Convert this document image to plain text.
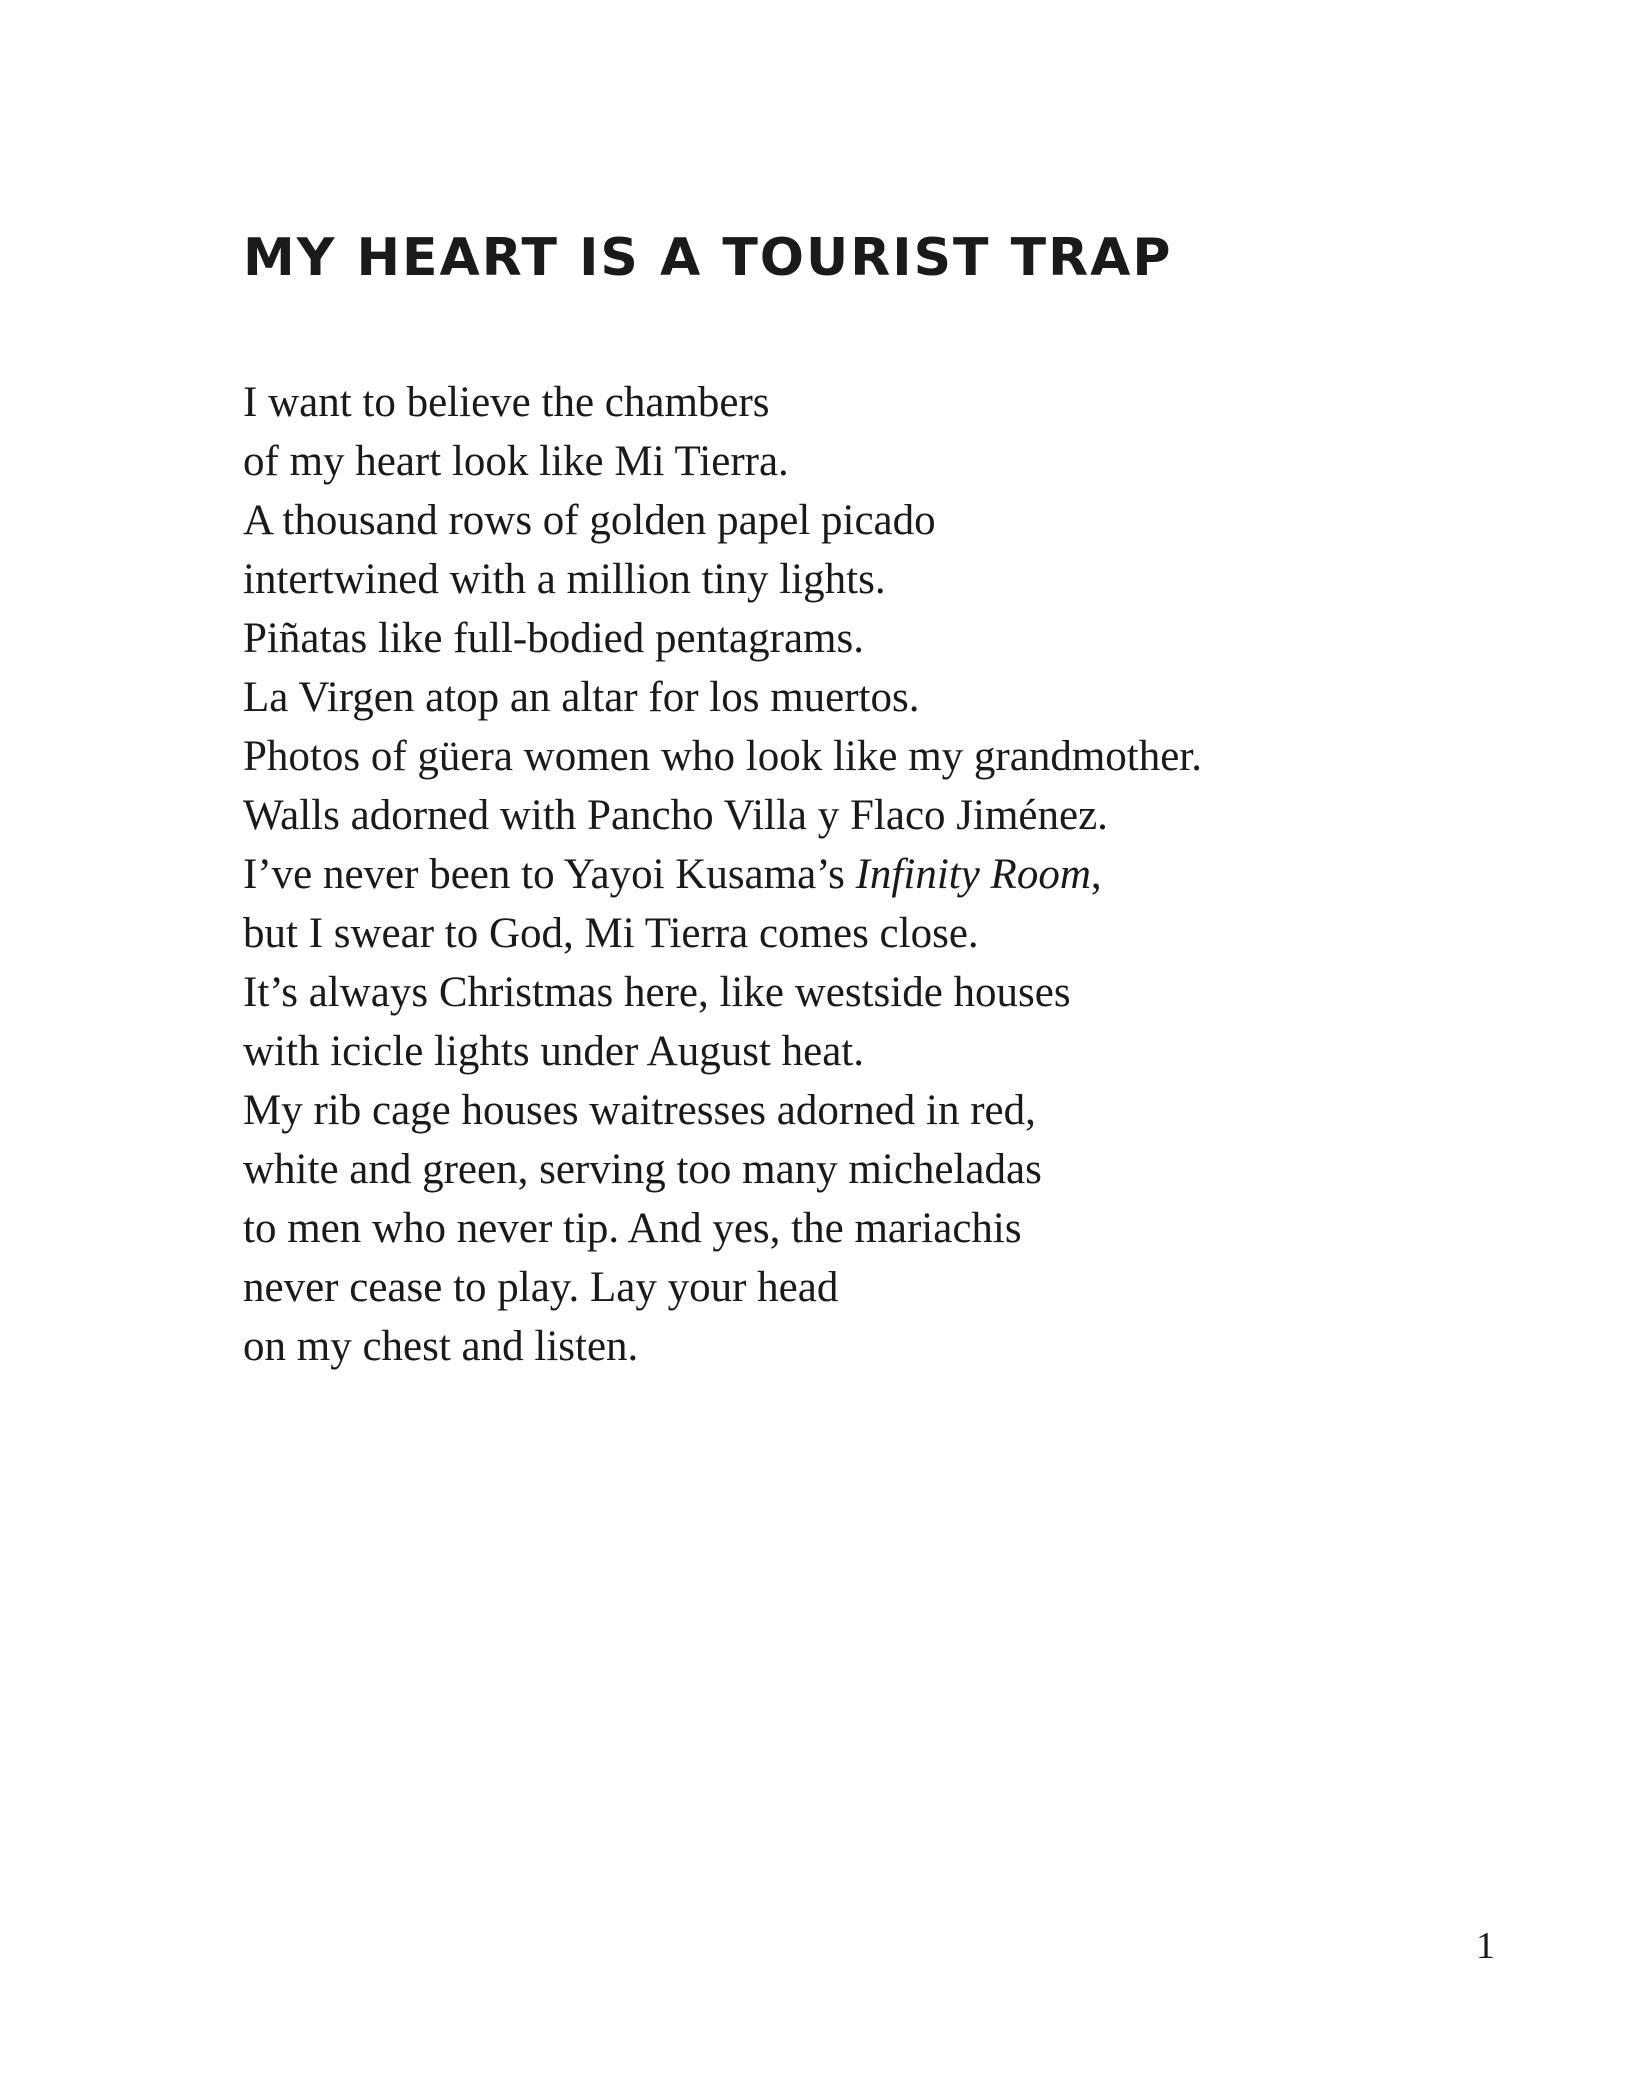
MY HEART IS A TOURIST TRAP
I want to believe the chambers
of my heart look like Mi Tierra.
A thousand rows of golden papel picado
intertwined with a million tiny lights.
Piñatas like full-bodied pentagrams.
La Virgen atop an altar for los muertos.
Photos of güera women who look like my grandmother.
Walls adorned with Pancho Villa y Flaco Jiménez.
I’ve never been to Yayoi Kusama’s Infinity Room,
but I swear to God, Mi Tierra comes close.
It’s always Christmas here, like westside houses
with icicle lights under August heat.
My rib cage houses waitresses adorned in red,
white and green, serving too many micheladas
to men who never tip. And yes, the mariachis
never cease to play. Lay your head
on my chest and listen.
1
